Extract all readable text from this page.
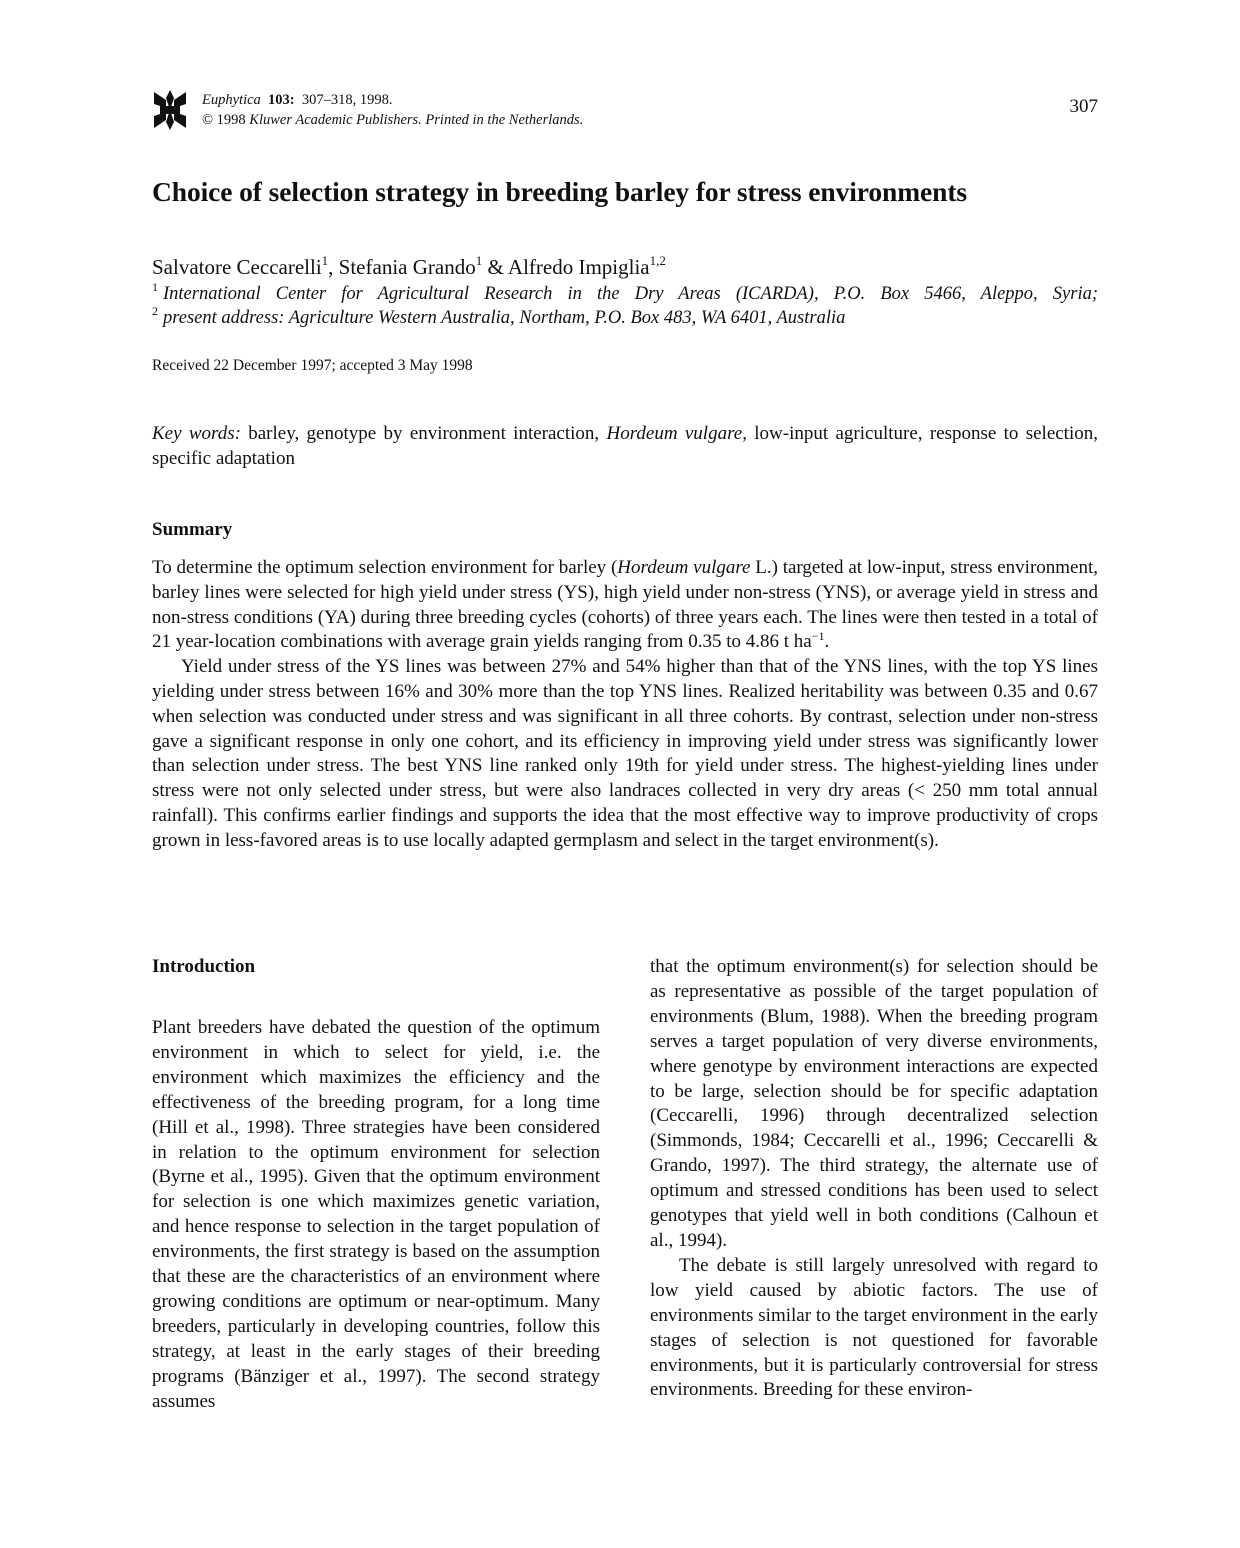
Euphytica 103: 307–318, 1998.
© 1998 Kluwer Academic Publishers. Printed in the Netherlands.
307
Choice of selection strategy in breeding barley for stress environments
Salvatore Ceccarelli$^1$, Stefania Grando$^1$ & Alfredo Impiglia$^{1,2}$
$^1$ International Center for Agricultural Research in the Dry Areas (ICARDA), P.O. Box 5466, Aleppo, Syria;
$^2$ present address: Agriculture Western Australia, Northam, P.O. Box 483, WA 6401, Australia
Received 22 December 1997; accepted 3 May 1998

Key words: barley, genotype by environment interaction, Hordeum vulgare, low-input agriculture, response to selection, specific adaptation

Summary

To determine the optimum selection environment for barley (Hordeum vulgare L.) targeted at low-input, stress environment, barley lines were selected for high yield under stress (YS), high yield under non-stress (YNS), or average yield in stress and non-stress conditions (YA) during three breeding cycles (cohorts) of three years each. The lines were then tested in a total of 21 year-location combinations with average grain yields ranging from 0.35 to 4.86 t $ha^{-1}$.

Yield under stress of the YS lines was between 27% and 54% higher than that of the YNS lines, with the top YS lines yielding under stress between 16% and 30% more than the top YNS lines. Realized heritability was between 0.35 and 0.67 when selection was conducted under stress and was significant in all three cohorts. By contrast, selection under non-stress gave a significant response in only one cohort, and its efficiency in improving yield under stress was significantly lower than selection under stress. The best YNS line ranked only 19th for yield under stress. The highest-yielding lines under stress were not only selected under stress, but were also landraces collected in very dry areas (< 250 mm total annual rainfall). This confirms earlier findings and supports the idea that the most effective way to improve productivity of crops grown in less-favored areas is to use locally adapted germplasm and select in the target environment(s).

Introduction

Plant breeders have debated the question of the optimum environment in which to select for yield, i.e. the environment which maximizes the efficiency and the effectiveness of the breeding program, for a long time (Hill et al., 1998). Three strategies have been considered in relation to the optimum environment for selection (Byrne et al., 1995). Given that the optimum environment for selection is one which maximizes genetic variation, and hence response to selection in the target population of environments, the first strategy is based on the assumption that these are the characteristics of an environment where growing conditions are optimum or near-optimum. Many breeders, particularly in developing countries, follow this strategy, at least in the early stages of their breeding programs (Bänziger et al., 1997). The second strategy assumes

that the optimum environment(s) for selection should be as representative as possible of the target population of environments (Blum, 1988). When the breeding program serves a target population of very diverse environments, where genotype by environment interactions are expected to be large, selection should be for specific adaptation (Ceccarelli, 1996) through decentralized selection (Simmonds, 1984; Ceccarelli et al., 1996; Ceccarelli & Grando, 1997). The third strategy, the alternate use of optimum and stressed conditions has been used to select genotypes that yield well in both conditions (Calhoun et al., 1994).

The debate is still largely unresolved with regard to low yield caused by abiotic factors. The use of environments similar to the target environment in the early stages of selection is not questioned for favorable environments, but it is particularly controversial for stress environments. Breeding for these environ-
